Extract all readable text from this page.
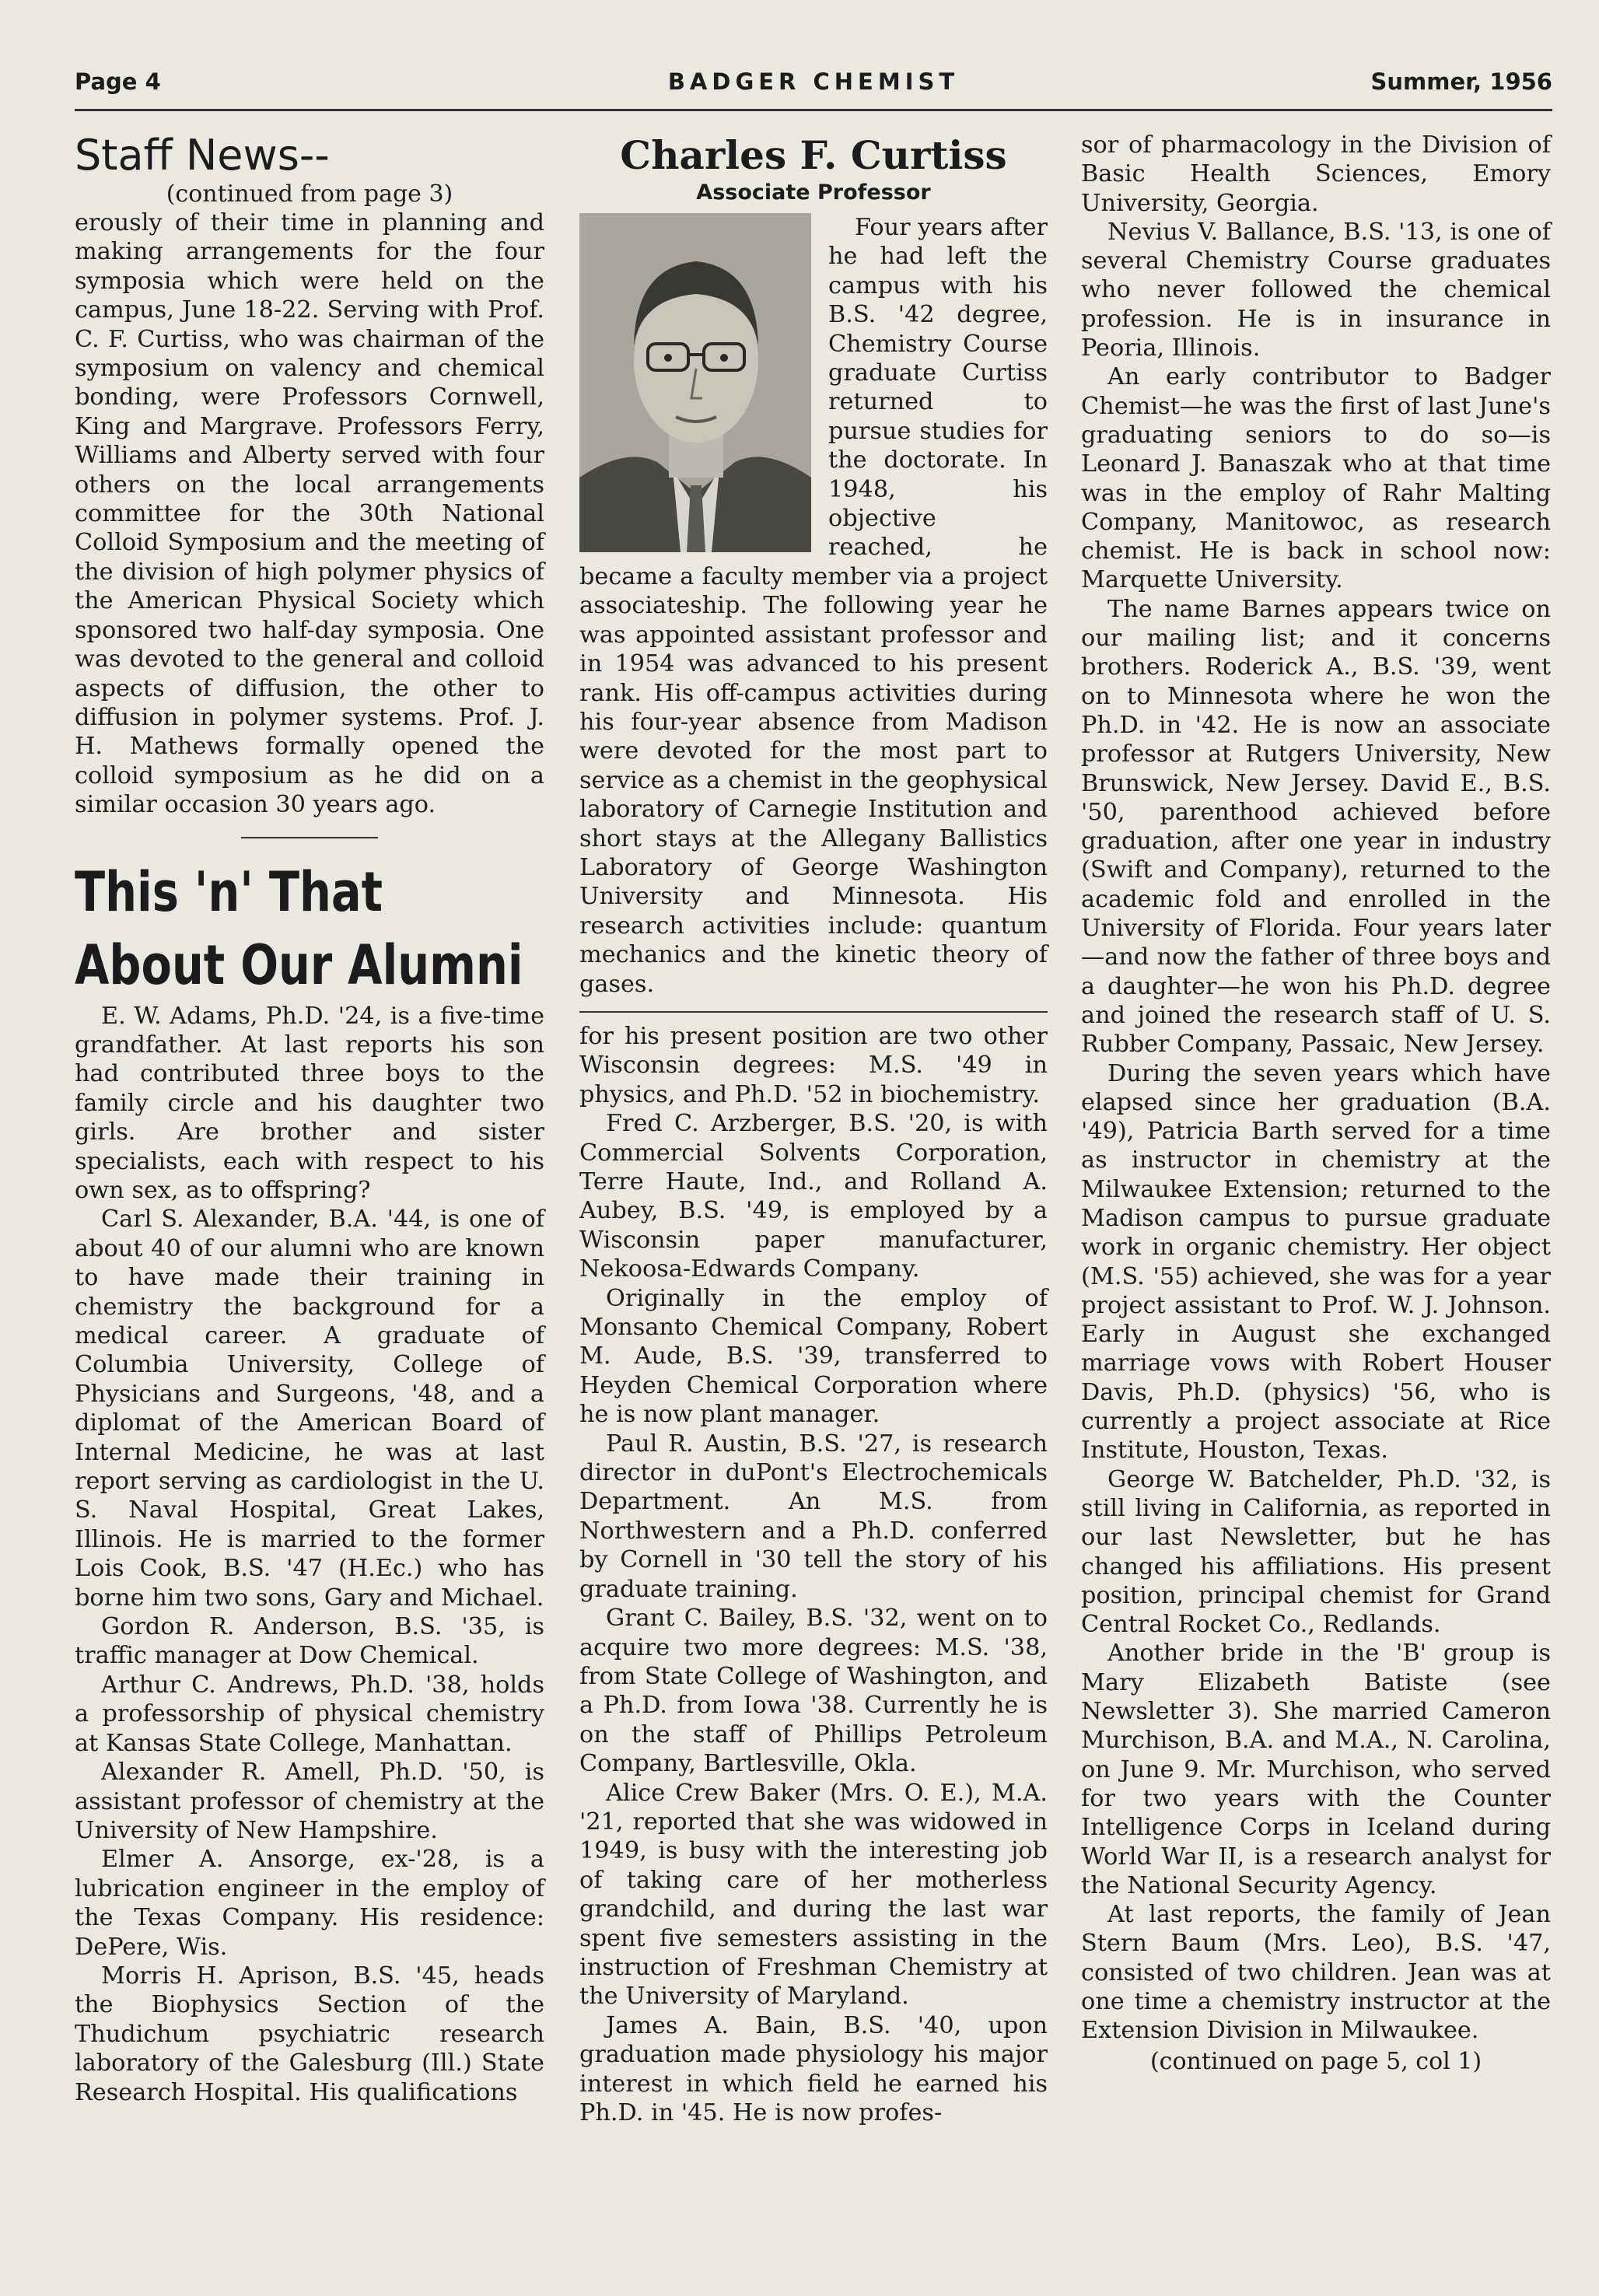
Page 4	BADGER CHEMIST	Summer, 1956
Staff News--
(continued from page 3)

erously of their time in planning and making arrangements for the four symposia which were held on the campus, June 18-22. Serving with Prof. C. F. Curtiss, who was chairman of the symposium on valency and chemical bonding, were Professors Cornwell, King and Margrave. Professors Ferry, Williams and Alberty served with four others on the local arrangements committee for the 30th National Colloid Symposium and the meeting of the division of high polymer physics of the American Physical Society which sponsored two half-day symposia. One was devoted to the general and colloid aspects of diffusion, the other to diffusion in polymer systems. Prof. J. H. Mathews formally opened the colloid symposium as he did on a similar occasion 30 years ago.

This 'n' That
About Our Alumni

E. W. Adams, Ph.D. '24, is a five-time grandfather. At last reports his son had contributed three boys to the family circle and his daughter two girls. Are brother and sister specialists, each with respect to his own sex, as to offspring?

Carl S. Alexander, B.A. '44, is one of about 40 of our alumni who are known to have made their training in chemistry the background for a medical career. A graduate of Columbia University, College of Physicians and Surgeons, '48, and a diplomat of the American Board of Internal Medicine, he was at last report serving as cardiologist in the U. S. Naval Hospital, Great Lakes, Illinois. He is married to the former Lois Cook, B.S. '47 (H.Ec.) who has borne him two sons, Gary and Michael.

Gordon R. Anderson, B.S. '35, is traffic manager at Dow Chemical.

Arthur C. Andrews, Ph.D. '38, holds a professorship of physical chemistry at Kansas State College, Manhattan.

Alexander R. Amell, Ph.D. '50, is assistant professor of chemistry at the University of New Hampshire.

Elmer A. Ansorge, ex-'28, is a lubrication engineer in the employ of the Texas Company. His residence: DePere, Wis.

Morris H. Aprison, B.S. '45, heads the Biophysics Section of the Thudichum psychiatric research laboratory of the Galesburg (Ill.) State Research Hospital. His qualifications

Charles F. Curtiss
Associate Professor

Four years after he had left the campus with his B.S. '42 degree, Chemistry Course graduate Curtiss returned to pursue studies for the doctorate. In 1948, his objective reached, he became a faculty member via a project associateship. The following year he was appointed assistant professor and in 1954 was advanced to his present rank. His off-campus activities during his four-year absence from Madison were devoted for the most part to service as a chemist in the geophysical laboratory of Carnegie Institution and short stays at the Allegany Ballistics Laboratory of George Washington University and Minnesota. His research activities include: quantum mechanics and the kinetic theory of gases.

for his present position are two other Wisconsin degrees: M.S. '49 in physics, and Ph.D. '52 in biochemistry.

Fred C. Arzberger, B.S. '20, is with Commercial Solvents Corporation, Terre Haute, Ind., and Rolland A. Aubey, B.S. '49, is employed by a Wisconsin paper manufacturer, Nekoosa-Edwards Company.

Originally in the employ of Monsanto Chemical Company, Robert M. Aude, B.S. '39, transferred to Heyden Chemical Corporation where he is now plant manager.

Paul R. Austin, B.S. '27, is research director in duPont's Electrochemicals Department. An M.S. from Northwestern and a Ph.D. conferred by Cornell in '30 tell the story of his graduate training.

Grant C. Bailey, B.S. '32, went on to acquire two more degrees: M.S. '38, from State College of Washington, and a Ph.D. from Iowa '38. Currently he is on the staff of Phillips Petroleum Company, Bartlesville, Okla.

Alice Crew Baker (Mrs. O. E.), M.A. '21, reported that she was widowed in 1949, is busy with the interesting job of taking care of her motherless grandchild, and during the last war spent five semesters assisting in the instruction of Freshman Chemistry at the University of Maryland.

James A. Bain, B.S. '40, upon graduation made physiology his major interest in which field he earned his Ph.D. in '45. He is now profes-

sor of pharmacology in the Division of Basic Health Sciences, Emory University, Georgia.

Nevius V. Ballance, B.S. '13, is one of several Chemistry Course graduates who never followed the chemical profession. He is in insurance in Peoria, Illinois.

An early contributor to Badger Chemist—he was the first of last June's graduating seniors to do so—is Leonard J. Banaszak who at that time was in the employ of Rahr Malting Company, Manitowoc, as research chemist. He is back in school now: Marquette University.

The name Barnes appears twice on our mailing list; and it concerns brothers. Roderick A., B.S. '39, went on to Minnesota where he won the Ph.D. in '42. He is now an associate professor at Rutgers University, New Brunswick, New Jersey. David E., B.S. '50, parenthood achieved before graduation, after one year in industry (Swift and Company), returned to the academic fold and enrolled in the University of Florida. Four years later—and now the father of three boys and a daughter—he won his Ph.D. degree and joined the research staff of U. S. Rubber Company, Passaic, New Jersey.

During the seven years which have elapsed since her graduation (B.A. '49), Patricia Barth served for a time as instructor in chemistry at the Milwaukee Extension; returned to the Madison campus to pursue graduate work in organic chemistry. Her object (M.S. '55) achieved, she was for a year project assistant to Prof. W. J. Johnson. Early in August she exchanged marriage vows with Robert Houser Davis, Ph.D. (physics) '56, who is currently a project associate at Rice Institute, Houston, Texas.

George W. Batchelder, Ph.D. '32, is still living in California, as reported in our last Newsletter, but he has changed his affiliations. His present position, principal chemist for Grand Central Rocket Co., Redlands.

Another bride in the 'B' group is Mary Elizabeth Batiste (see Newsletter 3). She married Cameron Murchison, B.A. and M.A., N. Carolina, on June 9. Mr. Murchison, who served for two years with the Counter Intelligence Corps in Iceland during World War II, is a research analyst for the National Security Agency.

At last reports, the family of Jean Stern Baum (Mrs. Leo), B.S. '47, consisted of two children. Jean was at one time a chemistry instructor at the Extension Division in Milwaukee.

(continued on page 5, col 1)
